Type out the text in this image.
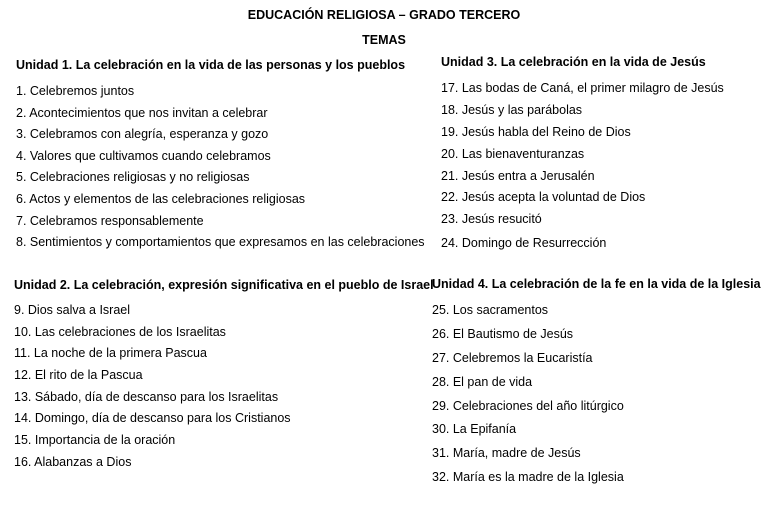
EDUCACIÓN RELIGIOSA – GRADO TERCERO
TEMAS
Unidad 1. La celebración en la vida de las personas y los pueblos
1. Celebremos juntos
2. Acontecimientos que nos invitan a celebrar
3. Celebramos con alegría, esperanza y gozo
4. Valores que cultivamos cuando celebramos
5. Celebraciones religiosas y no religiosas
6. Actos y elementos de las celebraciones religiosas
7. Celebramos responsablemente
8. Sentimientos y comportamientos que expresamos en las celebraciones
Unidad 2. La celebración, expresión significativa en el pueblo de Israel
9. Dios salva a Israel
10. Las celebraciones de los Israelitas
11. La noche de la primera Pascua
12. El rito de la Pascua
13. Sábado, día de descanso para los Israelitas
14. Domingo, día de descanso para los Cristianos
15. Importancia de la oración
16. Alabanzas a Dios
Unidad 3. La celebración en la vida de Jesús
17. Las bodas de Caná, el primer milagro de Jesús
18. Jesús y las parábolas
19. Jesús habla del Reino de Dios
20. Las bienaventuranzas
21. Jesús entra a Jerusalén
22. Jesús acepta la voluntad de Dios
23. Jesús resucitó
24. Domingo de Resurrección
Unidad 4. La celebración de la fe en la vida de la Iglesia
25. Los sacramentos
26. El Bautismo de Jesús
27. Celebremos la Eucaristía
28. El pan de vida
29. Celebraciones del año litúrgico
30. La Epifanía
31. María, madre de Jesús
32. María es la madre de la Iglesia
